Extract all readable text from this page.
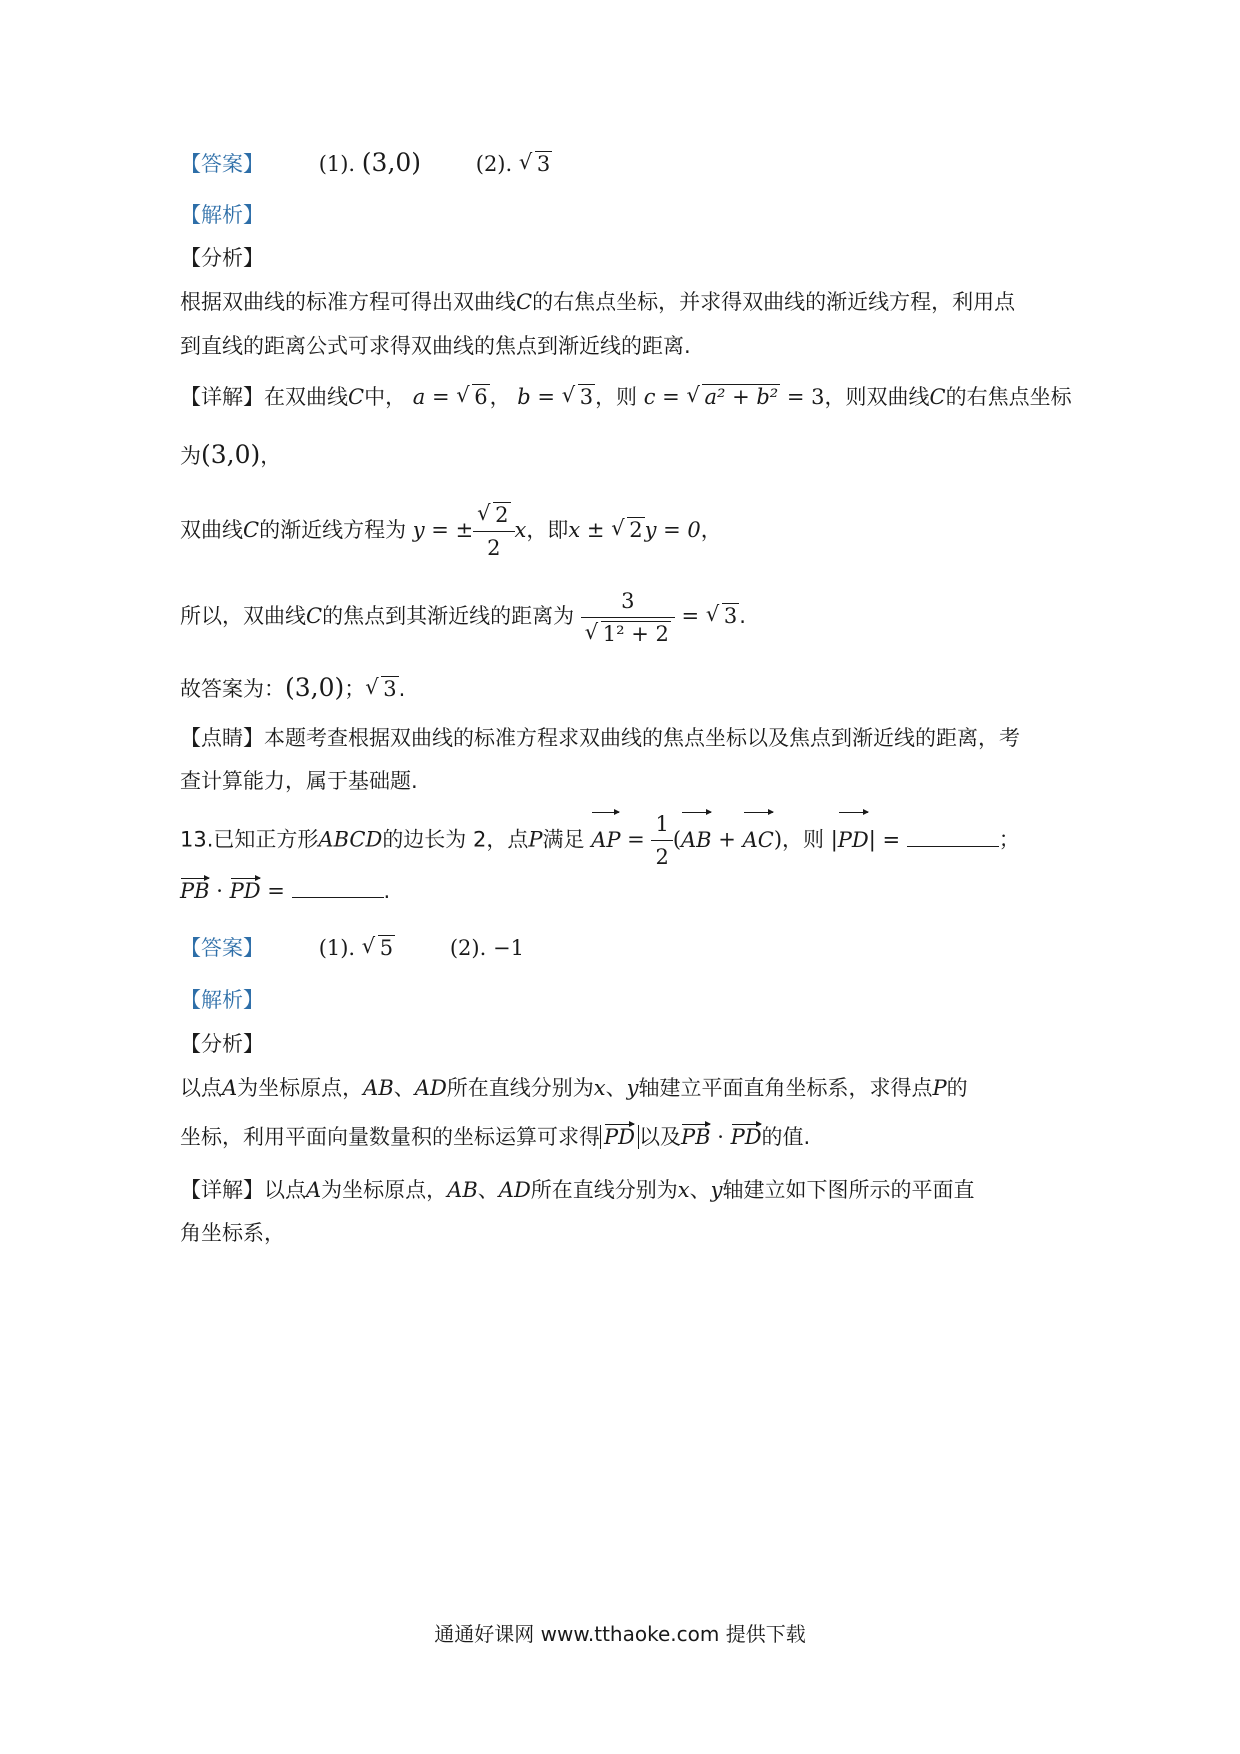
【答案】	(1). (3,0)	(2). √ 3
【解析】
【分析】
根据双曲线的标准方程可得出双曲线C的右焦点坐标，并求得双曲线的渐近线方程，利用点
到直线的距离公式可求得双曲线的焦点到渐近线的距离.
【详解】在双曲线C中， a = √ 6， b = √ 3，则 c = √ a² + b² = 3，则双曲线C的右焦点坐标
为(3,0)，
双曲线C的渐近线方程为 y = ± √ $\frac{2}{2}$ x，即x ± √ 2y = 0，
所以，双曲线C的焦点到其渐近线的距离为 3
√ 1² + 2 = √ 3.
故答案为：(3,0)； √ 3.
【点睛】本题考查根据双曲线的标准方程求双曲线的焦点坐标以及焦点到渐近线的距离，考
查计算能力，属于基础题.
13.已知正方形ABCD的边长为 2，点P满足 AP = $\frac{1}{2} (AB + AC)$，则 |PD| =	；
PB · PD =	.
【答案】	(1). √ 5	(2). −1
【解析】
【分析】
以点A为坐标原点，AB、AD所在直线分别为x、y轴建立平面直角坐标系，求得点P的
坐标，利用平面向量数量积的坐标运算可求得 PD 以及PB · PD的值.
【详解】以点A为坐标原点，AB、AD所在直线分别为x、y轴建立如下图所示的平面直
角坐标系，
通通好课网 www.tthaoke.com 提供下载
